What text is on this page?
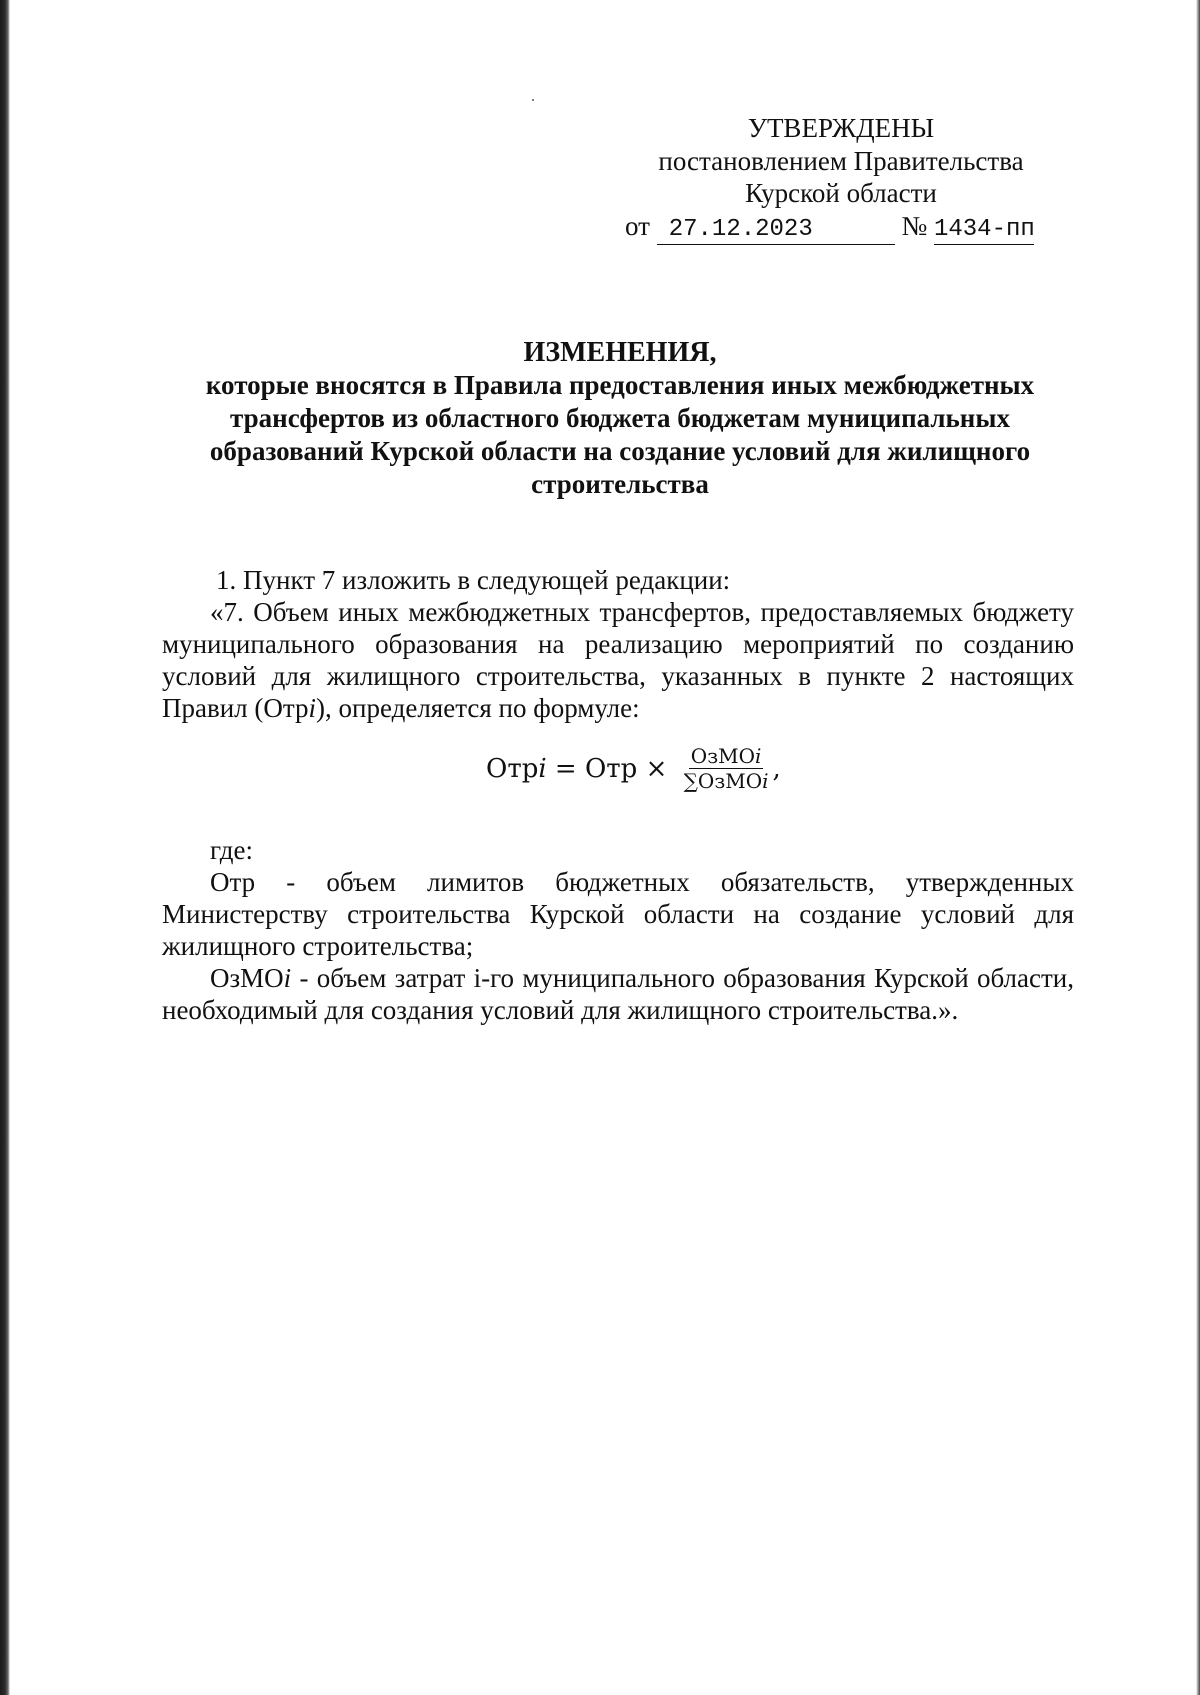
УТВЕРЖДЕНЫ
постановлением Правительства
Курской области
от 27.12.2023	№ 1434-пп
ИЗМЕНЕНИЯ,
которые вносятся в Правила предоставления иных межбюджетных трансфертов из областного бюджета бюджетам муниципальных образований Курской области на создание условий для жилищного строительства

1. Пункт 7 изложить в следующей редакции:

«7. Объем иных межбюджетных трансфертов, предоставляемых бюджету муниципального образования на реализацию мероприятий по созданию условий для жилищного строительства, указанных в пункте 2 настоящих Правил (Отрi), определяется по формуле:

Отрi = Отр × $\frac{\text{ОзМОi}}{\text{∑ОзМОi}}$ ,

где:

Отр - объем лимитов бюджетных обязательств, утвержденных Министерству строительства Курской области на создание условий для жилищного строительства;

ОзМОi - объем затрат i-го муниципального образования Курской области, необходимый для создания условий для жилищного строительства.».
